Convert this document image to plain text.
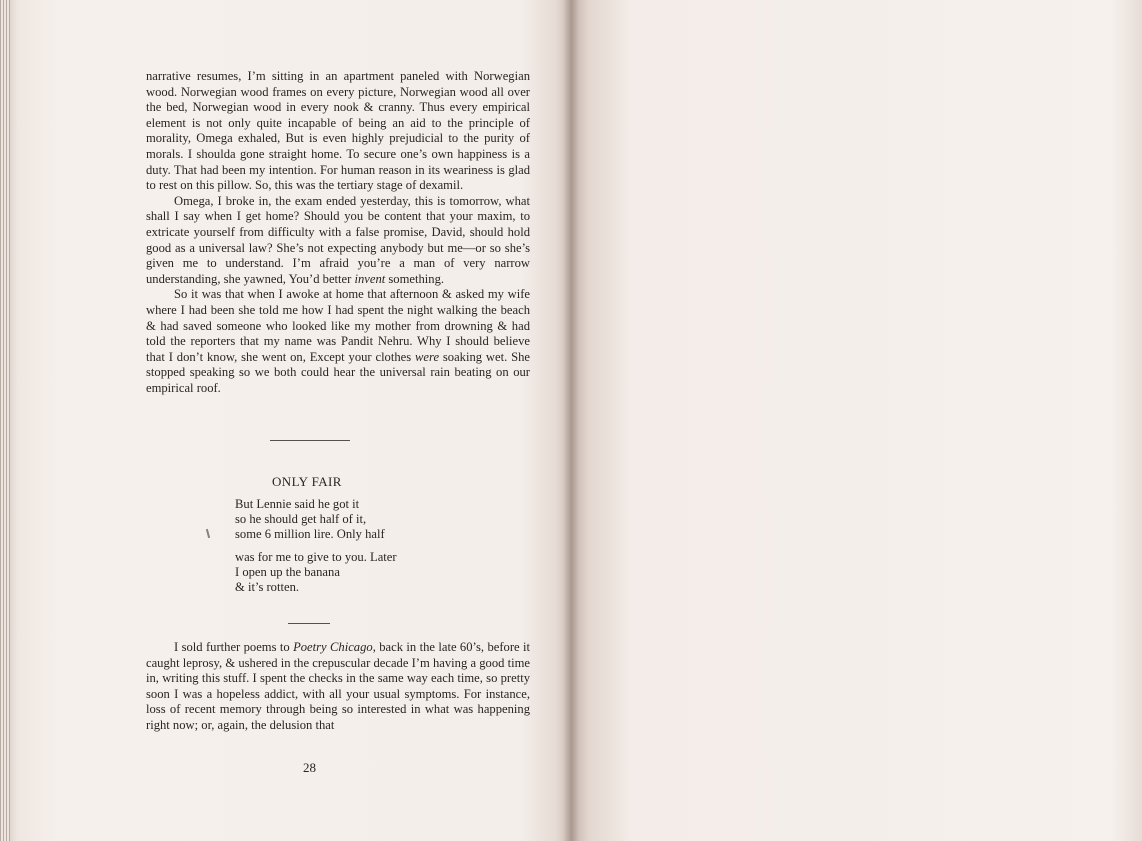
narrative resumes, I’m sitting in an apartment paneled with Norwegian wood. Norwegian wood frames on every picture, Norwegian wood all over the bed, Norwegian wood in every nook & cranny. Thus every empirical element is not only quite incapable of being an aid to the principle of morality, Omega exhaled, But is even highly prejudicial to the purity of morals. I shoulda gone straight home. To secure one’s own happiness is a duty. That had been my intention. For human reason in its weariness is glad to rest on this pillow. So, this was the tertiary stage of dexamil.

Omega, I broke in, the exam ended yesterday, this is tomorrow, what shall I say when I get home? Should you be content that your maxim, to extricate yourself from difficulty with a false promise, David, should hold good as a universal law? She’s not expecting anybody but me—or so she’s given me to understand. I’m afraid you’re a man of very narrow understanding, she yawned, You’d better invent something.

So it was that when I awoke at home that afternoon & asked my wife where I had been she told me how I had spent the night walking the beach & had saved someone who looked like my mother from drowning & had told the reporters that my name was Pandit Nehru. Why I should believe that I don’t know, she went on, Except your clothes were soaking wet. She stopped speaking so we both could hear the universal rain beating on our empirical roof.

ONLY FAIR
But Lennie said he got it
so he should get half of it,
some 6 million lire. Only half
was for me to give to you. Later
I open up the banana
& it’s rotten.

I sold further poems to Poetry Chicago, back in the late 60’s, before it caught leprosy, & ushered in the crepuscular decade I’m having a good time in, writing this stuff. I spent the checks in the same way each time, so pretty soon I was a hopeless addict, with all your usual symptoms. For instance, loss of recent memory through being so interested in what was happening right now; or, again, the delusion that

28
